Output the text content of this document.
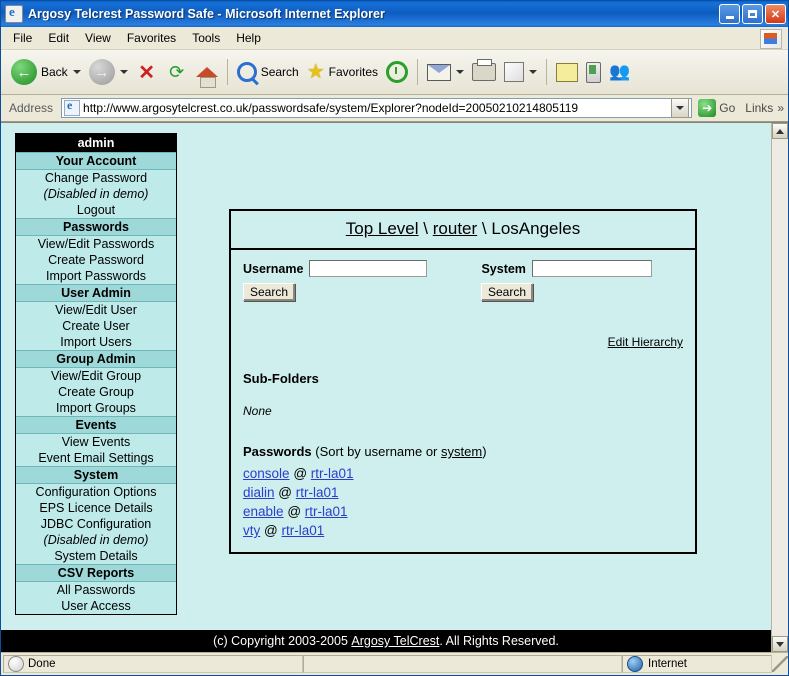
e
Argosy Telcrest Password Safe - Microsoft Internet Explorer	✕
File	Edit	View	Favorites	Tools	Help
← Back	→ ✕ ⟳	Search ★ Favorites	👥
Address e	http://www.argosytelcrest.co.uk/passwordsafe/system/Explorer?nodeId=20050210214805119	➔ Go Links »
admin
Your Account
Change Password
(Disabled in demo)
Logout
Passwords
View/Edit Passwords
Create Password
Import Passwords
User Admin
View/Edit User
Create User
Import Users
Group Admin
View/Edit Group
Create Group
Import Groups
Events
View Events
Event Email Settings
System
Configuration Options
EPS Licence Details
JDBC Configuration
(Disabled in demo)
System Details
CSV Reports
All Passwords
User Access
Top Level \ router \ LosAngeles
Username	System
Search	Search
Edit Hierarchy
Sub-Folders
None
Passwords (Sort by username or system)
console @ rtr-la01
dialin @ rtr-la01
enable @ rtr-la01
vty @ rtr-la01
(c) Copyright 2003-2005
Argosy TelCrest . All Rights Reserved.
Done	Internet
